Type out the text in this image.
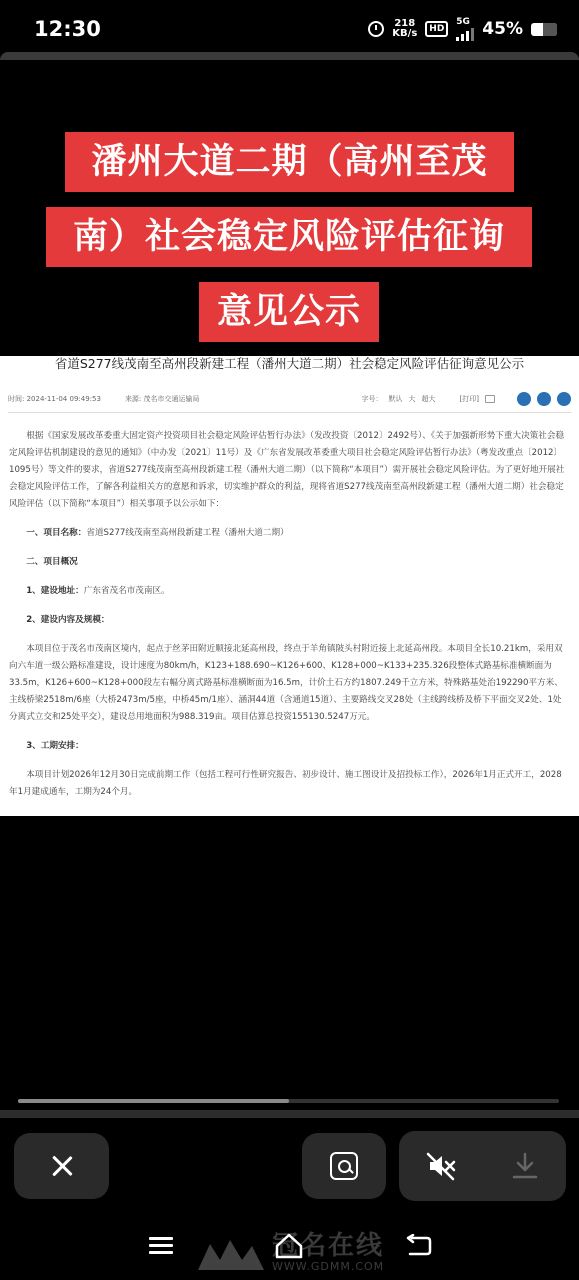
12:30	218
KB/s	HD
5G 45%
潘州大道二期（高州至茂
南）社会稳定风险评估征询
意见公示
省道S277线茂南至高州段新建工程（潘州大道二期）社会稳定风险评估征询意见公示
时间: 2024-11-04 09:49:53	来源: 茂名市交通运输局	字号： 默认 大 超大	[打印]

根据《国家发展改革委重大固定资产投资项目社会稳定风险评估暂行办法》（发改投资〔2012〕2492号）、《关于加强新形势下重大决策社会稳定风险评估机制建设的意见的通知》（中办发〔2021〕11号）及《广东省发展改革委重大项目社会稳定风险评估暂行办法》（粤发改重点〔2012〕1095号）等文件的要求，省道S277线茂南至高州段新建工程（潘州大道二期）（以下简称“本项目”）需开展社会稳定风险评估。为了更好地开展社会稳定风险评估工作，了解各利益相关方的意愿和诉求，切实维护群众的利益，现将省道S277线茂南至高州段新建工程（潘州大道二期）社会稳定风险评估（以下简称“本项目”）相关事项予以公示如下：

一、项目名称：省道S277线茂南至高州段新建工程（潘州大道二期）

二、项目概况

1、建设地址：广东省茂名市茂南区。

2、建设内容及规模：

本项目位于茂名市茂南区境内，起点于丝茅田附近顺接北延高州段，终点于羊角镇陂头村附近接上北延高州段。本项目全长10.21km，采用双向六车道一级公路标准建设，设计速度为80km/h，K123+188.690~K126+600、K128+000~K133+235.326段整体式路基标准横断面为33.5m，K126+600~K128+000段左右幅分离式路基标准横断面为16.5m，计价土石方约1807.249千立方米，特殊路基处治192290平方米、主线桥梁2518m/6座（大桥2473m/5座，中桥45m/1座）、涵洞44道（含通道15道）、主要路线交叉28处（主线跨线桥及桥下平面交叉2处、1处分离式立交和25处平交），建设总用地面积为988.319亩。项目估算总投资155130.5247万元。

3、工期安排：

本项目计划2026年12月30日完成前期工作（包括工程可行性研究报告、初步设计、施工图设计及招投标工作），2026年1月正式开工，2028年1月建成通车，工期为24个月。

冠名在线
WWW.GDMM.COM
